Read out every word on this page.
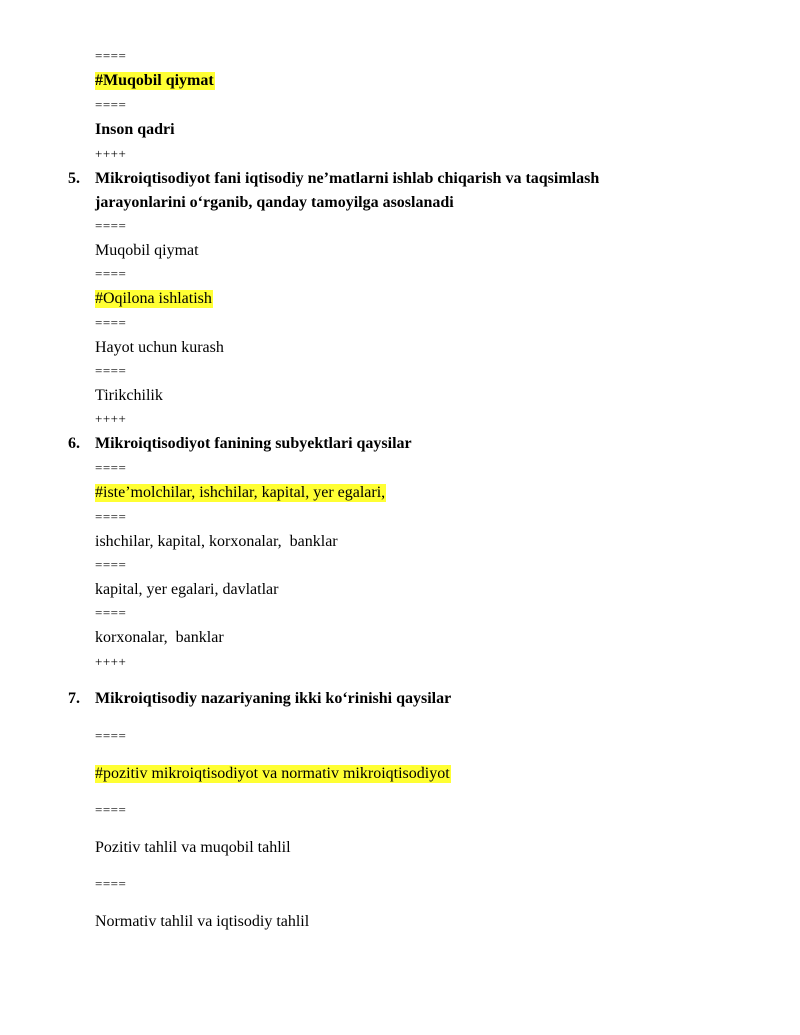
====

#Muqobil qiymat

====

Inson qadri

++++

5. Mikroiqtisodiyot fani iqtisodiy ne’matlarni ishlab chiqarish va taqsimlash

jarayonlarini o‘rganib, qanday tamoyilga asoslanadi

====

Muqobil qiymat

====

#Oqilona ishlatish

====

Hayot uchun kurash

====

Tirikchilik

++++

6. Mikroiqtisodiyot fanining subyektlari qaysilar

====

#iste’molchilar, ishchilar, kapital, yer egalari,

====

ishchilar, kapital, korxonalar,  banklar

====

kapital, yer egalari, davlatlar

====

korxonalar,  banklar

++++

7. Mikroiqtisodiy nazariyaning ikki ko‘rinishi qaysilar

====

#pozitiv mikroiqtisodiyot va normativ mikroiqtisodiyot

====

Pozitiv tahlil va muqobil tahlil

====

Normativ tahlil va iqtisodiy tahlil
